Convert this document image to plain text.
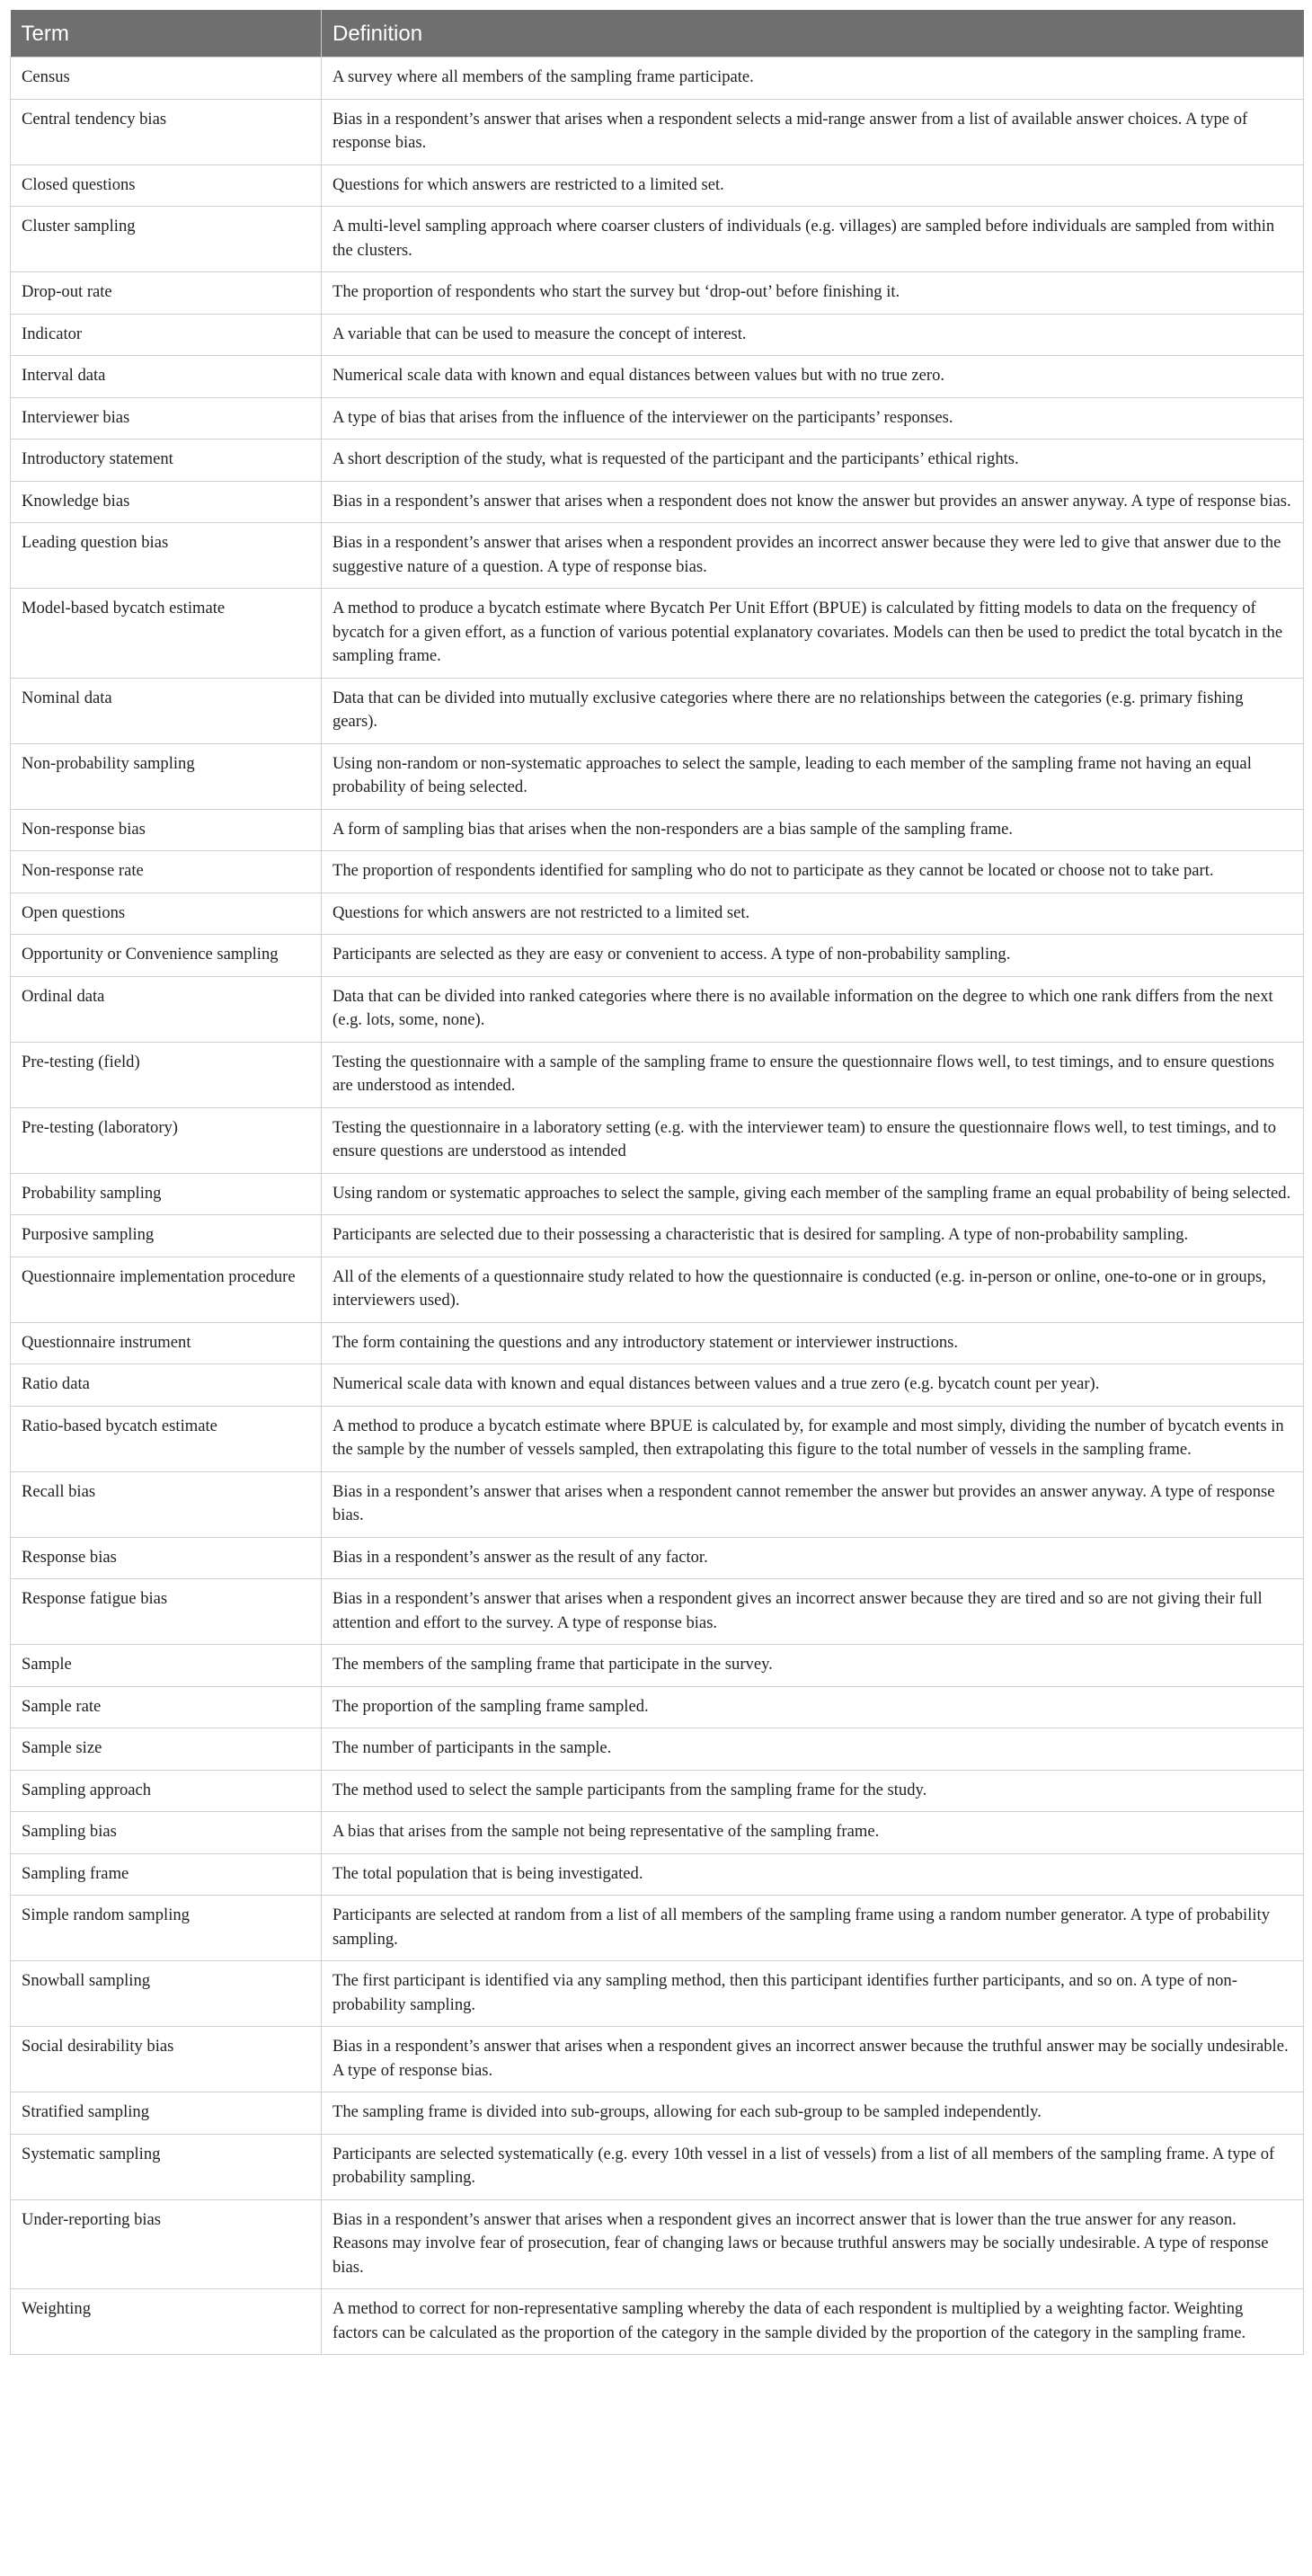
Term	Definition
Census	A survey where all members of the sampling frame participate.
Central tendency bias	Bias in a respondent’s answer that arises when a respondent selects a mid-range answer from a list of available answer choices. A type of response bias.
Closed questions	Questions for which answers are restricted to a limited set.
Cluster sampling	A multi-level sampling approach where coarser clusters of individuals (e.g. villages) are sampled before individuals are sampled from within the clusters.
Drop-out rate	The proportion of respondents who start the survey but ‘drop-out’ before finishing it.
Indicator	A variable that can be used to measure the concept of interest.
Interval data	Numerical scale data with known and equal distances between values but with no true zero.
Interviewer bias	A type of bias that arises from the influence of the interviewer on the participants’ responses.
Introductory statement	A short description of the study, what is requested of the participant and the participants’ ethical rights.
Knowledge bias	Bias in a respondent’s answer that arises when a respondent does not know the answer but provides an answer anyway. A type of response bias.
Leading question bias	Bias in a respondent’s answer that arises when a respondent provides an incorrect answer because they were led to give that answer due to the suggestive nature of a question. A type of response bias.
Model-based bycatch estimate	A method to produce a bycatch estimate where Bycatch Per Unit Effort (BPUE) is calculated by fitting models to data on the frequency of bycatch for a given effort, as a function of various potential explanatory covariates. Models can then be used to predict the total bycatch in the sampling frame.
Nominal data	Data that can be divided into mutually exclusive categories where there are no relationships between the categories (e.g. primary fishing gears).
Non-probability sampling	Using non-random or non-systematic approaches to select the sample, leading to each member of the sampling frame not having an equal probability of being selected.
Non-response bias	A form of sampling bias that arises when the non-responders are a bias sample of the sampling frame.
Non-response rate	The proportion of respondents identified for sampling who do not to participate as they cannot be located or choose not to take part.
Open questions	Questions for which answers are not restricted to a limited set.
Opportunity or Convenience sampling	Participants are selected as they are easy or convenient to access. A type of non-probability sampling.
Ordinal data	Data that can be divided into ranked categories where there is no available information on the degree to which one rank differs from the next (e.g. lots, some, none).
Pre-testing (field)	Testing the questionnaire with a sample of the sampling frame to ensure the questionnaire flows well, to test timings, and to ensure questions are understood as intended.
Pre-testing (laboratory)	Testing the questionnaire in a laboratory setting (e.g. with the interviewer team) to ensure the questionnaire flows well, to test timings, and to ensure questions are understood as intended
Probability sampling	Using random or systematic approaches to select the sample, giving each member of the sampling frame an equal probability of being selected.
Purposive sampling	Participants are selected due to their possessing a characteristic that is desired for sampling. A type of non-probability sampling.
Questionnaire implementation procedure	All of the elements of a questionnaire study related to how the questionnaire is conducted (e.g. in-person or online, one-to-one or in groups, interviewers used).
Questionnaire instrument	The form containing the questions and any introductory statement or interviewer instructions.
Ratio data	Numerical scale data with known and equal distances between values and a true zero (e.g. bycatch count per year).
Ratio-based bycatch estimate	A method to produce a bycatch estimate where BPUE is calculated by, for example and most simply, dividing the number of bycatch events in the sample by the number of vessels sampled, then extrapolating this figure to the total number of vessels in the sampling frame.
Recall bias	Bias in a respondent’s answer that arises when a respondent cannot remember the answer but provides an answer anyway. A type of response bias.
Response bias	Bias in a respondent’s answer as the result of any factor.
Response fatigue bias	Bias in a respondent’s answer that arises when a respondent gives an incorrect answer because they are tired and so are not giving their full attention and effort to the survey. A type of response bias.
Sample	The members of the sampling frame that participate in the survey.
Sample rate	The proportion of the sampling frame sampled.
Sample size	The number of participants in the sample.
Sampling approach	The method used to select the sample participants from the sampling frame for the study.
Sampling bias	A bias that arises from the sample not being representative of the sampling frame.
Sampling frame	The total population that is being investigated.
Simple random sampling	Participants are selected at random from a list of all members of the sampling frame using a random number generator. A type of probability sampling.
Snowball sampling	The first participant is identified via any sampling method, then this participant identifies further participants, and so on. A type of non-probability sampling.
Social desirability bias	Bias in a respondent’s answer that arises when a respondent gives an incorrect answer because the truthful answer may be socially undesirable. A type of response bias.
Stratified sampling	The sampling frame is divided into sub-groups, allowing for each sub-group to be sampled independently.
Systematic sampling	Participants are selected systematically (e.g. every 10th vessel in a list of vessels) from a list of all members of the sampling frame. A type of probability sampling.
Under-reporting bias	Bias in a respondent’s answer that arises when a respondent gives an incorrect answer that is lower than the true answer for any reason. Reasons may involve fear of prosecution, fear of changing laws or because truthful answers may be socially undesirable. A type of response bias.
Weighting	A method to correct for non-representative sampling whereby the data of each respondent is multiplied by a weighting factor. Weighting factors can be calculated as the proportion of the category in the sample divided by the proportion of the category in the sampling frame.
